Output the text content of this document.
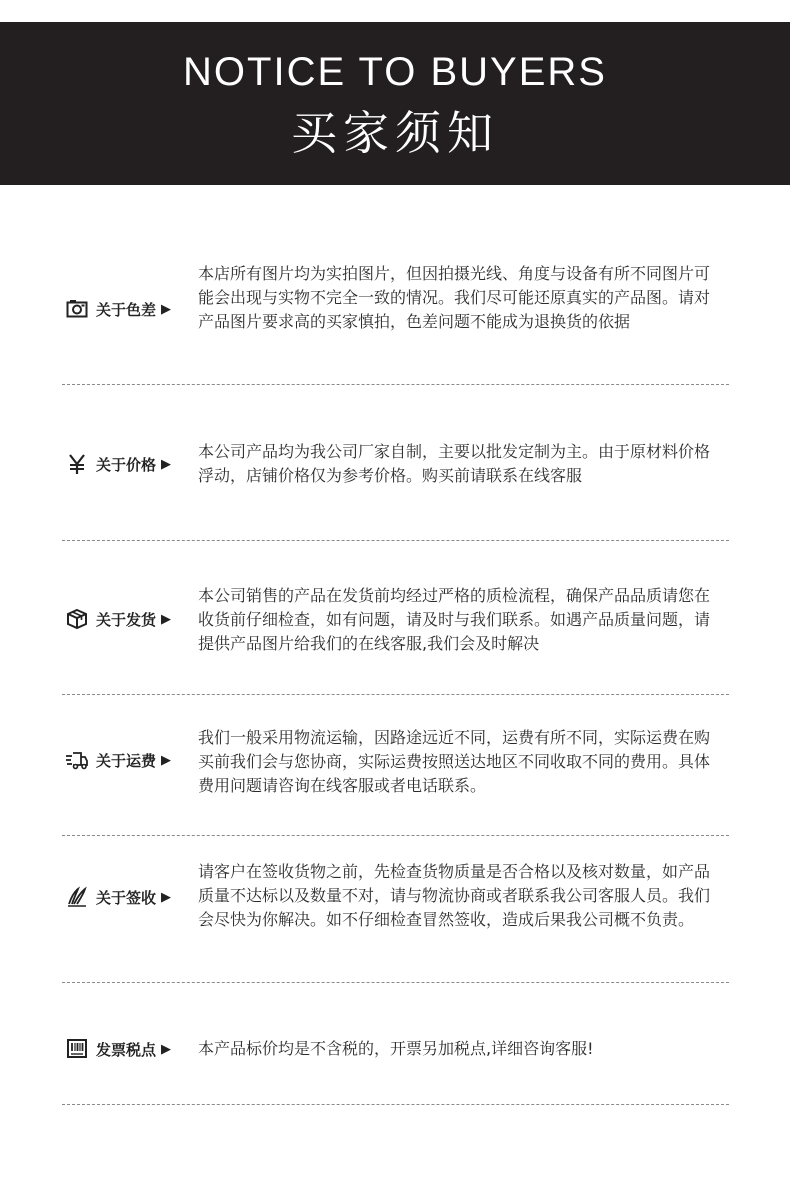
NOTICE TO BUYERS
买家须知
关于色差 ▶
本店所有图片均为实拍图片，但因拍摄光线、角度与设备有所不同图片可能会出现与实物不完全一致的情况。我们尽可能还原真实的产品图。请对产品图片要求高的买家慎拍，色差问题不能成为退换货的依据
关于价格 ▶
本公司产品均为我公司厂家自制，主要以批发定制为主。由于原材料价格浮动，店铺价格仅为参考价格。购买前请联系在线客服
关于发货 ▶
本公司销售的产品在发货前均经过严格的质检流程，确保产品品质请您在收货前仔细检查，如有问题，请及时与我们联系。如遇产品质量问题，请提供产品图片给我们的在线客服,我们会及时解决
关于运费 ▶
我们一般采用物流运输，因路途远近不同，运费有所不同，实际运费在购买前我们会与您协商，实际运费按照送达地区不同收取不同的费用。具体费用问题请咨询在线客服或者电话联系。
关于签收 ▶
请客户在签收货物之前，先检查货物质量是否合格以及核对数量，如产品质量不达标以及数量不对，请与物流协商或者联系我公司客服人员。我们会尽快为你解决。如不仔细检查冒然签收，造成后果我公司概不负责。
发票税点 ▶ 本产品标价均是不含税的，开票另加税点,详细咨询客服!
